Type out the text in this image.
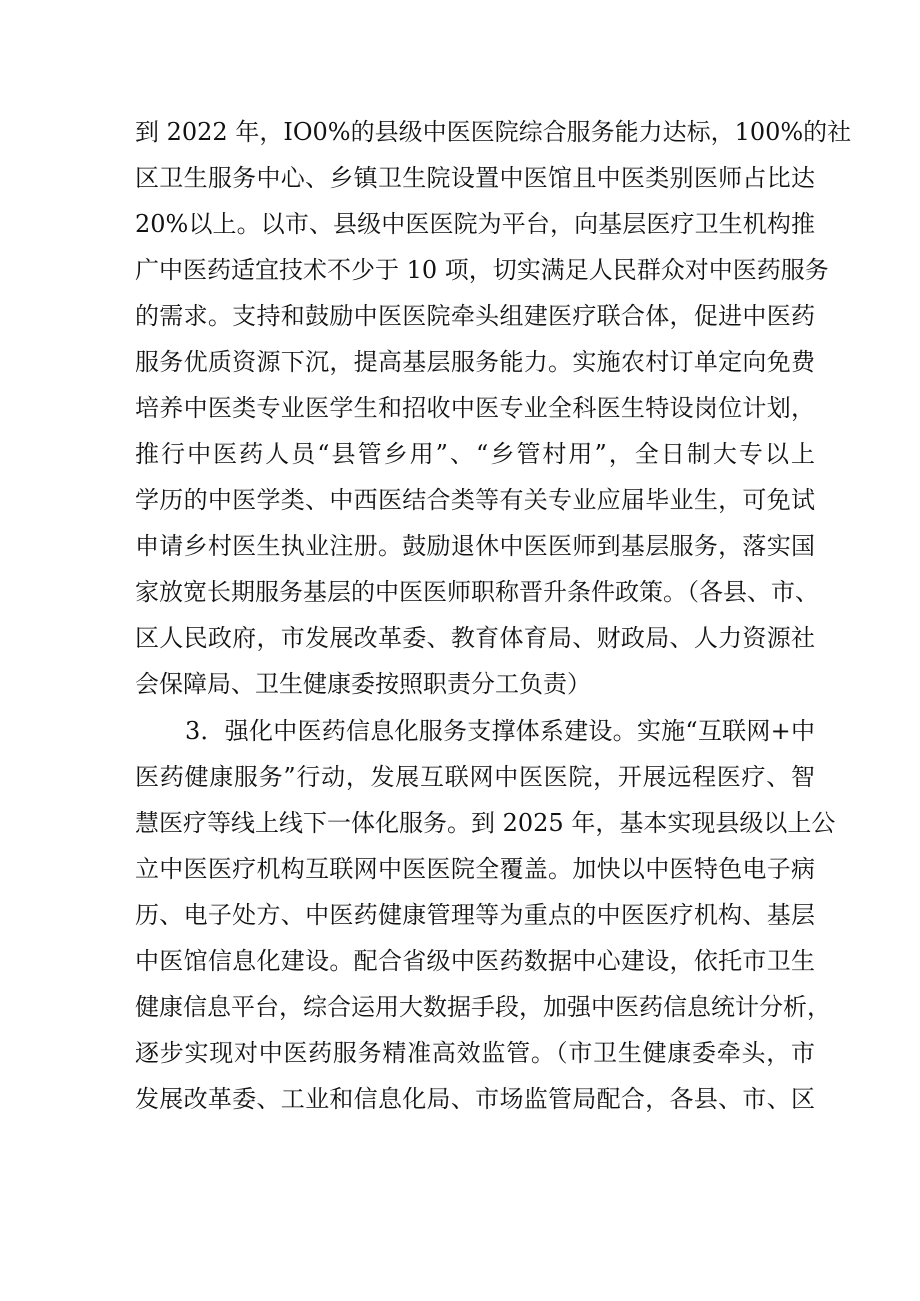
到 2022 年，IO0%的县级中医医院综合服务能力达标，100%的社
区卫生服务中心、乡镇卫生院设置中医馆且中医类别医师占比达
20%以上。以市、县级中医医院为平台，向基层医疗卫生机构推
广中医药适宜技术不少于 10 项，切实满足人民群众对中医药服务
的需求。支持和鼓励中医医院牵头组建医疗联合体，促进中医药
服务优质资源下沉，提高基层服务能力。实施农村订单定向免费
培养中医类专业医学生和招收中医专业全科医生特设岗位计划，
推行中医药人员“县管乡用”、“乡管村用”，全日制大专以上
学历的中医学类、中西医结合类等有关专业应届毕业生，可免试
申请乡村医生执业注册。鼓励退休中医医师到基层服务，落实国
家放宽长期服务基层的中医医师职称晋升条件政策。（各县、市、
区人民政府，市发展改革委、教育体育局、财政局、人力资源社
会保障局、卫生健康委按照职责分工负责）
3．强化中医药信息化服务支撑体系建设。实施“互联网+中
医药健康服务”行动，发展互联网中医医院，开展远程医疗、智
慧医疗等线上线下一体化服务。到 2025 年，基本实现县级以上公
立中医医疗机构互联网中医医院全覆盖。加快以中医特色电子病
历、电子处方、中医药健康管理等为重点的中医医疗机构、基层
中医馆信息化建设。配合省级中医药数据中心建设，依托市卫生
健康信息平台，综合运用大数据手段，加强中医药信息统计分析，
逐步实现对中医药服务精准高效监管。（市卫生健康委牵头，市
发展改革委、工业和信息化局、市场监管局配合，各县、市、区
